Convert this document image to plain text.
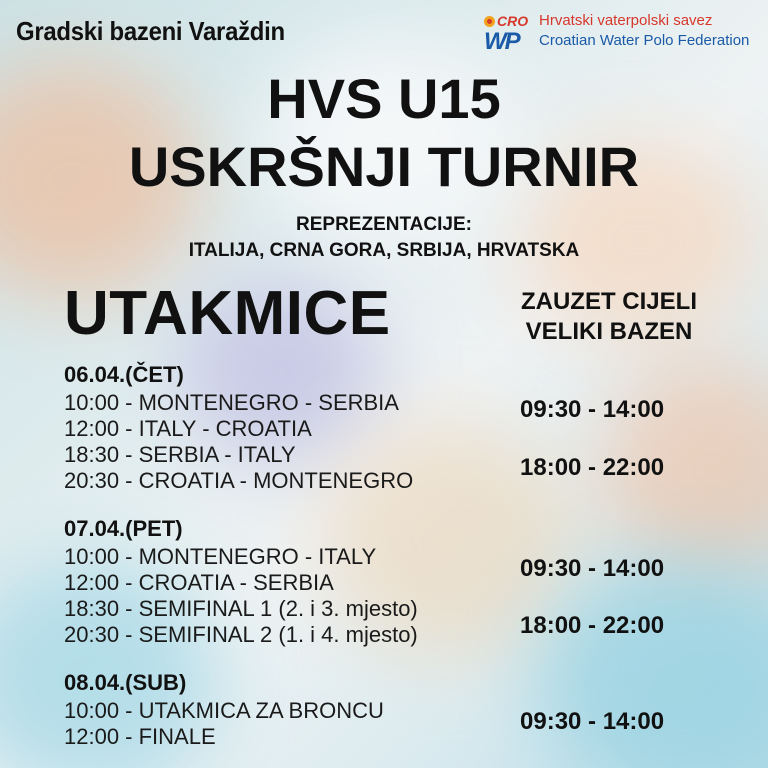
Gradski bazeni Varaždin	CRO
WP
Hrvatski vaterpolski savez
Croatian Water Polo Federation
HVS U15
USKRŠNJI TURNIR
REPREZENTACIJE:
ITALIJA, CRNA GORA, SRBIJA, HRVATSKA
UTAKMICE	ZAUZET CIJELI
VELIKI BAZEN
06.04.(ČET)
10:00 - MONTENEGRO - SERBIA
12:00 - ITALY - CROATIA
18:30 - SERBIA - ITALY
20:30 - CROATIA - MONTENEGRO
09:30 - 14:00
18:00 - 22:00
07.04.(PET)
10:00 - MONTENEGRO - ITALY
12:00 - CROATIA - SERBIA
18:30 - SEMIFINAL 1 (2. i 3. mjesto)
20:30 - SEMIFINAL 2 (1. i 4. mjesto)
09:30 - 14:00
18:00 - 22:00
08.04.(SUB)
10:00 - UTAKMICA ZA BRONCU
12:00 - FINALE
09:30 - 14:00
